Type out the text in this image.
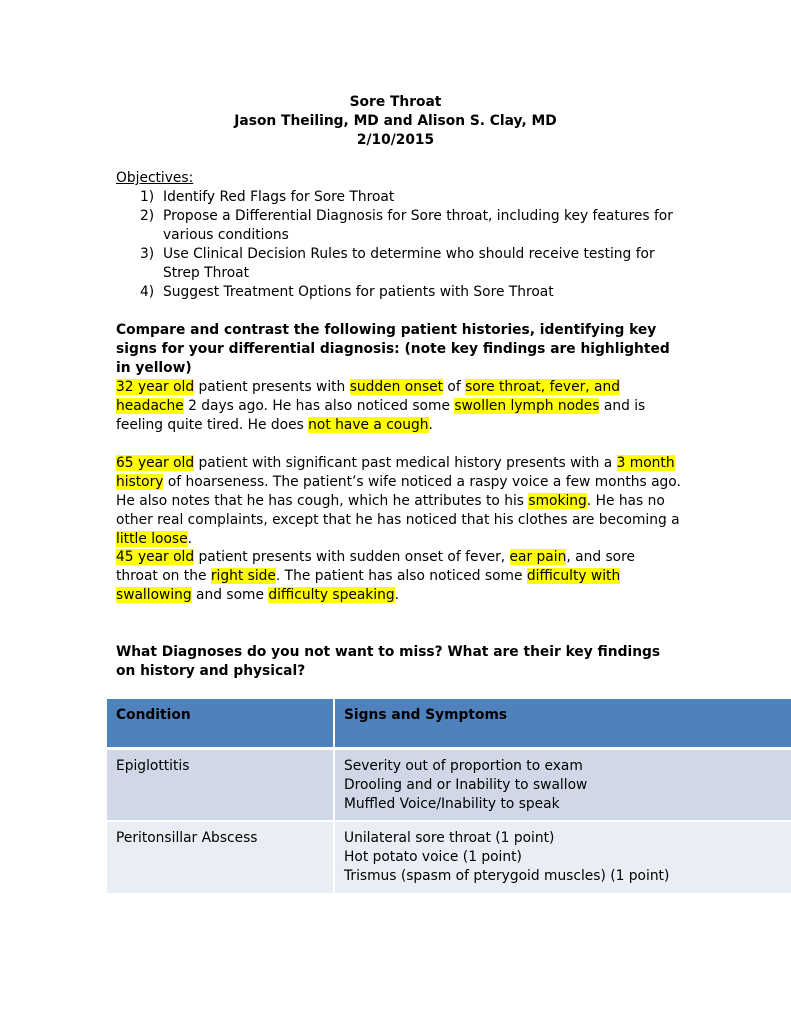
Sore Throat
Jason Theiling, MD and Alison S. Clay, MD
2/10/2015
Objectives:
1) Identify Red Flags for Sore Throat
2) Propose a Differential Diagnosis for Sore throat, including key features for various conditions
3) Use Clinical Decision Rules to determine who should receive testing for Strep Throat
4) Suggest Treatment Options for patients with Sore Throat
Compare and contrast the following patient histories, identifying key signs for your differential diagnosis: (note key findings are highlighted in yellow)
32 year old patient presents with sudden onset of sore throat, fever, and headache 2 days ago. He has also noticed some swollen lymph nodes and is feeling quite tired. He does not have a cough.
65 year old patient with significant past medical history presents with a 3 month history of hoarseness. The patient’s wife noticed a raspy voice a few months ago. He also notes that he has cough, which he attributes to his smoking. He has no other real complaints, except that he has noticed that his clothes are becoming a little loose.
45 year old patient presents with sudden onset of fever, ear pain, and sore throat on the right side. The patient has also noticed some difficulty with swallowing and some difficulty speaking.
What Diagnoses do you not want to miss? What are their key findings on history and physical?
Condition	Signs and Symptoms
Epiglottitis	Severity out of proportion to exam
Drooling and or Inability to swallow
Muffled Voice/Inability to speak

Peritonsillar Abscess	Unilateral sore throat (1 point)
Hot potato voice (1 point)
Trismus (spasm of pterygoid muscles) (1 point)
